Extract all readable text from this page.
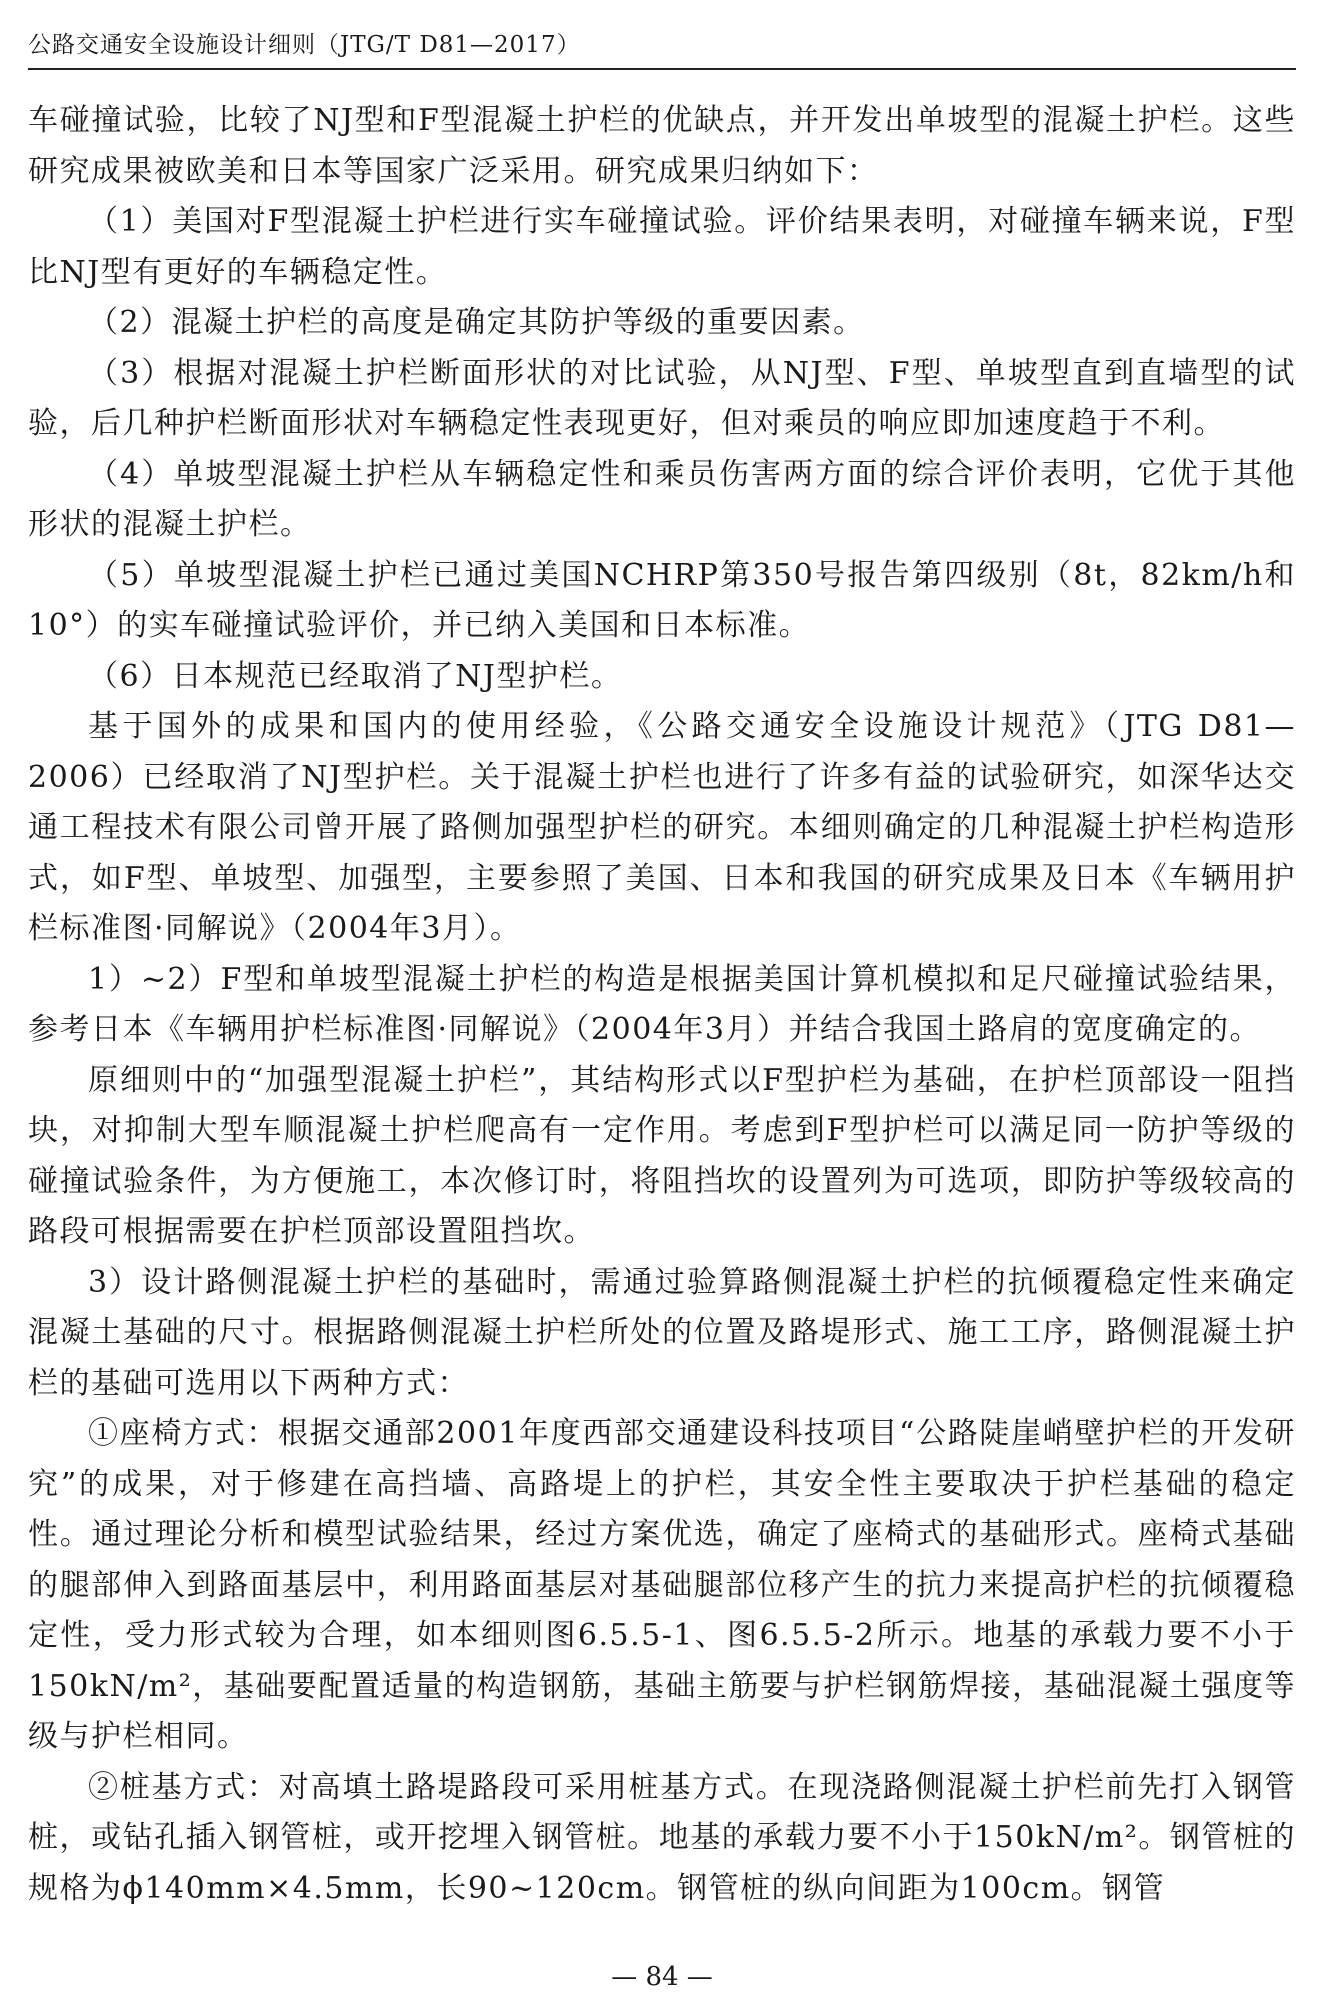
公路交通安全设施设计细则（JTG/T D81—2017）

车碰撞试验，比较了NJ型和F型混凝土护栏的优缺点，并开发出单坡型的混凝土护栏。这些研究成果被欧美和日本等国家广泛采用。研究成果归纳如下：

（1）美国对F型混凝土护栏进行实车碰撞试验。评价结果表明，对碰撞车辆来说，F型比NJ型有更好的车辆稳定性。

（2）混凝土护栏的高度是确定其防护等级的重要因素。

（3）根据对混凝土护栏断面形状的对比试验，从NJ型、F型、单坡型直到直墙型的试验，后几种护栏断面形状对车辆稳定性表现更好，但对乘员的响应即加速度趋于不利。

（4）单坡型混凝土护栏从车辆稳定性和乘员伤害两方面的综合评价表明，它优于其他形状的混凝土护栏。

（5）单坡型混凝土护栏已通过美国NCHRP第350号报告第四级别（8t，82km/h和10°）的实车碰撞试验评价，并已纳入美国和日本标准。

（6）日本规范已经取消了NJ型护栏。

基于国外的成果和国内的使用经验，《公路交通安全设施设计规范》（JTG D81—2006）已经取消了NJ型护栏。关于混凝土护栏也进行了许多有益的试验研究，如深华达交通工程技术有限公司曾开展了路侧加强型护栏的研究。本细则确定的几种混凝土护栏构造形式，如F型、单坡型、加强型，主要参照了美国、日本和我国的研究成果及日本《车辆用护栏标准图·同解说》（2004年3月）。

1）~2）F型和单坡型混凝土护栏的构造是根据美国计算机模拟和足尺碰撞试验结果，参考日本《车辆用护栏标准图·同解说》（2004年3月）并结合我国土路肩的宽度确定的。

原细则中的“加强型混凝土护栏”，其结构形式以F型护栏为基础，在护栏顶部设一阻挡块，对抑制大型车顺混凝土护栏爬高有一定作用。考虑到F型护栏可以满足同一防护等级的碰撞试验条件，为方便施工，本次修订时，将阻挡坎的设置列为可选项，即防护等级较高的路段可根据需要在护栏顶部设置阻挡坎。

3）设计路侧混凝土护栏的基础时，需通过验算路侧混凝土护栏的抗倾覆稳定性来确定混凝土基础的尺寸。根据路侧混凝土护栏所处的位置及路堤形式、施工工序，路侧混凝土护栏的基础可选用以下两种方式：

①座椅方式：根据交通部2001年度西部交通建设科技项目“公路陡崖峭壁护栏的开发研究”的成果，对于修建在高挡墙、高路堤上的护栏，其安全性主要取决于护栏基础的稳定性。通过理论分析和模型试验结果，经过方案优选，确定了座椅式的基础形式。座椅式基础的腿部伸入到路面基层中，利用路面基层对基础腿部位移产生的抗力来提高护栏的抗倾覆稳定性，受力形式较为合理，如本细则图6.5.5-1、图6.5.5-2所示。地基的承载力要不小于150kN/m²，基础要配置适量的构造钢筋，基础主筋要与护栏钢筋焊接，基础混凝土强度等级与护栏相同。

②桩基方式：对高填土路堤路段可采用桩基方式。在现浇路侧混凝土护栏前先打入钢管桩，或钻孔插入钢管桩，或开挖埋入钢管桩。地基的承载力要不小于150kN/m²。钢管桩的规格为ϕ140mm×4.5mm，长90~120cm。钢管桩的纵向间距为100cm。钢管

— 84 —
